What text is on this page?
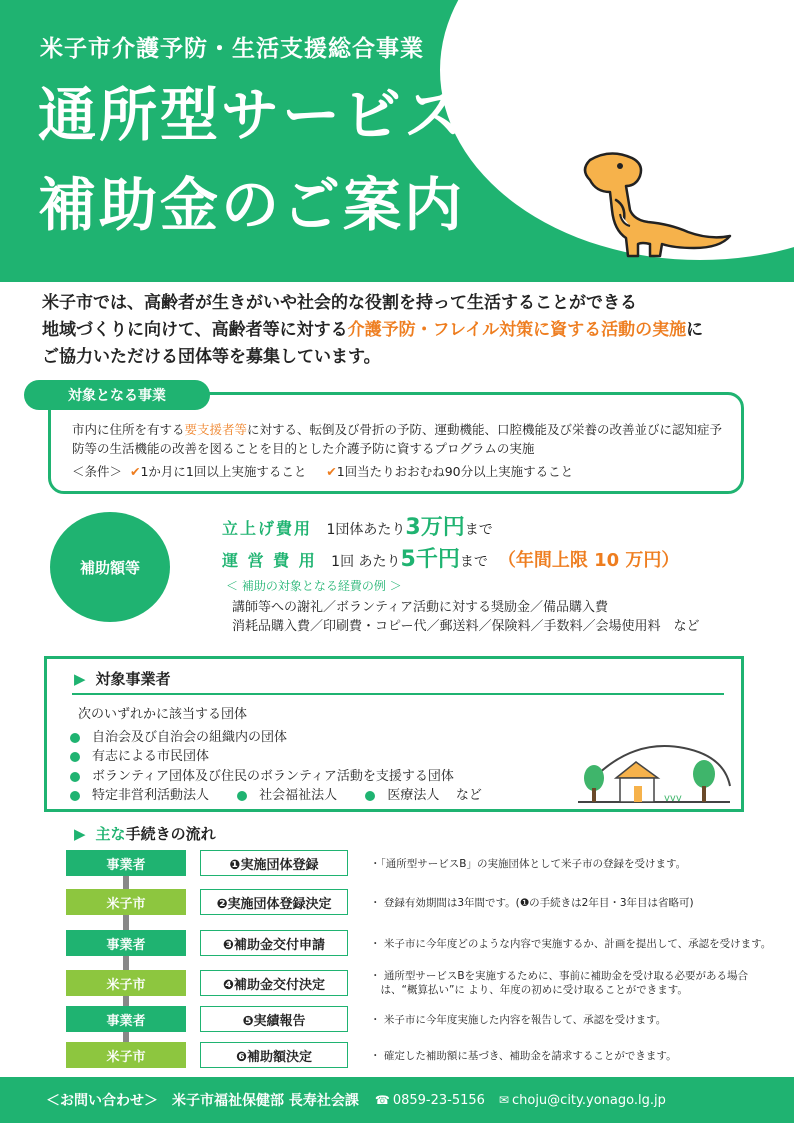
米子市介護予防・生活支援総合事業
通所型サービスB
補助金のご案内
米子市では、高齢者が生きがいや社会的な役割を持って生活することができる
地域づくりに向けて、高齢者等に対する介護予防・フレイル対策に資する活動の実施に
ご協力いただける団体等を募集しています。
対象となる事業
市内に住所を有する要支援者等に対する、転倒及び骨折の予防、運動機能、口腔機能及び栄養の改善並びに認知症予防等の生活機能の改善を図ることを目的とした介護予防に資するプログラムの実施
＜条件＞ ✔1か月に1回以上実施すること ✔1回当たりおおむね90分以上実施すること
補助額等
立上げ費用 1団体あたり3万円まで
運 営 費 用 1回 あたり5千円まで （年間上限 10 万円）
＜ 補助の対象となる経費の例 ＞
講師等への謝礼／ボランティア活動に対する奨励金／備品購入費
消耗品購入費／印刷費・コピー代／郵送料／保険料／手数料／会場使用料　など
▶ 対象事業者
次のいずれかに該当する団体
自治会及び自治会の組織内の団体
有志による市民団体
ボランティア団体及び住民のボランティア活動を支援する団体
特定非営利活動法人	社会福祉法人	医療法人 など	vvv
▶ 主な手続きの流れ
事業者	❶実施団体登録	・「通所型サービスB」の実施団体として米子市の登録を受けます。
米子市	❷実施団体登録決定	・ 登録有効期間は3年間です。(❶の手続きは2年目・3年目は省略可)
事業者	❸補助金交付申請	・ 米子市に今年度どのような内容で実施するか、計画を提出して、承認を受けます。
米子市	❹補助金交付決定
・ 通所型サービスBを実施するために、事前に補助金を受け取る必要がある場合
　は、“概算払い”に より、年度の初めに受け取ることができます。
事業者	❺実績報告	・ 米子市に今年度実施した内容を報告して、承認を受けます。
米子市	❻補助額決定	・ 確定した補助額に基づき、補助金を請求することができます。
＜お問い合わせ＞ 米子市福祉保健部 長寿社会課 ☎ 0859-23-5156 ✉ choju@city.yonago.lg.jp
